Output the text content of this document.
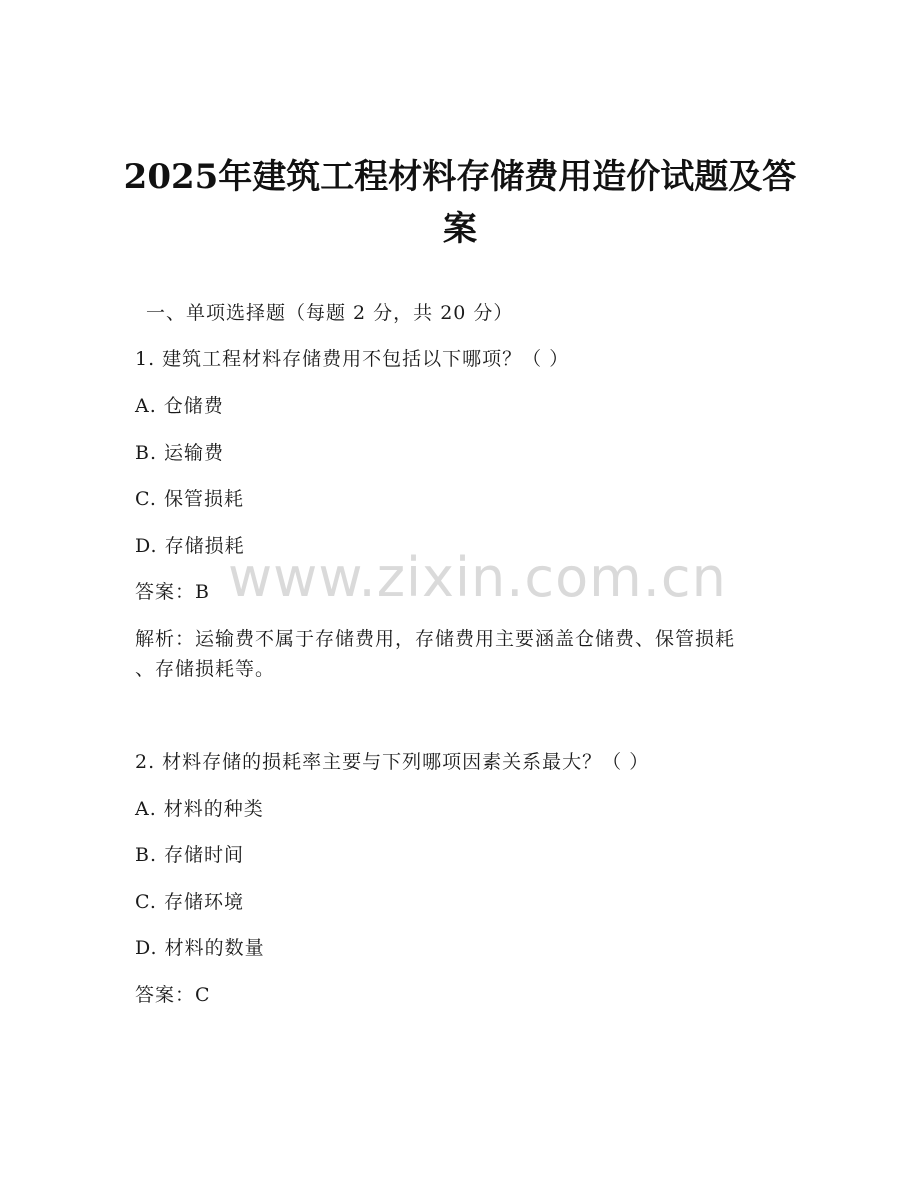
2025年建筑工程材料存储费用造价试题及答
案
一、单项选择题（每题 2 分，共 20 分）
1. 建筑工程材料存储费用不包括以下哪项？（ ）
A. 仓储费
B. 运输费
C. 保管损耗
D. 存储损耗
答案：B
解析：运输费不属于存储费用，存储费用主要涵盖仓储费、保管损耗
、存储损耗等。
www.zixin.com.cn
2. 材料存储的损耗率主要与下列哪项因素关系最大？（ ）
A. 材料的种类
B. 存储时间
C. 存储环境
D. 材料的数量
答案：C
